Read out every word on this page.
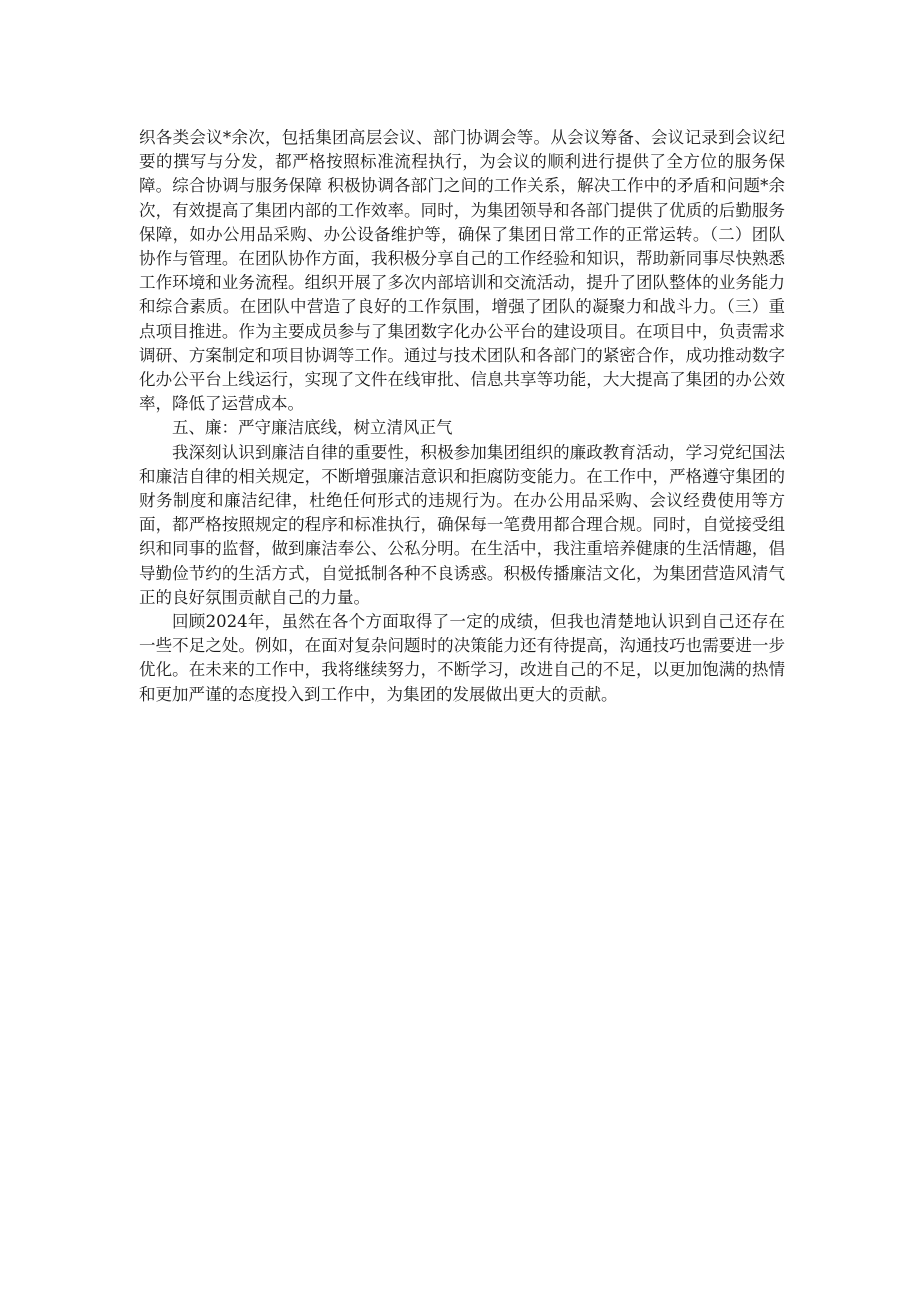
织各类会议*余次，包括集团高层会议、部门协调会等。从会议筹备、会议记录到会议纪要的撰写与分发，都严格按照标准流程执行，为会议的顺利进行提供了全方位的服务保障。综合协调与服务保障 积极协调各部门之间的工作关系，解决工作中的矛盾和问题*余次，有效提高了集团内部的工作效率。同时，为集团领导和各部门提供了优质的后勤服务保障，如办公用品采购、办公设备维护等，确保了集团日常工作的正常运转。（二）团队协作与管理。在团队协作方面，我积极分享自己的工作经验和知识，帮助新同事尽快熟悉工作环境和业务流程。组织开展了多次内部培训和交流活动，提升了团队整体的业务能力和综合素质。在团队中营造了良好的工作氛围，增强了团队的凝聚力和战斗力。（三）重点项目推进。作为主要成员参与了集团数字化办公平台的建设项目。在项目中，负责需求调研、方案制定和项目协调等工作。通过与技术团队和各部门的紧密合作，成功推动数字化办公平台上线运行，实现了文件在线审批、信息共享等功能，大大提高了集团的办公效率，降低了运营成本。

五、廉：严守廉洁底线，树立清风正气

我深刻认识到廉洁自律的重要性，积极参加集团组织的廉政教育活动，学习党纪国法和廉洁自律的相关规定，不断增强廉洁意识和拒腐防变能力。在工作中，严格遵守集团的财务制度和廉洁纪律，杜绝任何形式的违规行为。在办公用品采购、会议经费使用等方面，都严格按照规定的程序和标准执行，确保每一笔费用都合理合规。同时，自觉接受组织和同事的监督，做到廉洁奉公、公私分明。在生活中，我注重培养健康的生活情趣，倡导勤俭节约的生活方式，自觉抵制各种不良诱惑。积极传播廉洁文化，为集团营造风清气正的良好氛围贡献自己的力量。

回顾2024年，虽然在各个方面取得了一定的成绩，但我也清楚地认识到自己还存在一些不足之处。例如，在面对复杂问题时的决策能力还有待提高，沟通技巧也需要进一步优化。在未来的工作中，我将继续努力，不断学习，改进自己的不足，以更加饱满的热情和更加严谨的态度投入到工作中，为集团的发展做出更大的贡献。
